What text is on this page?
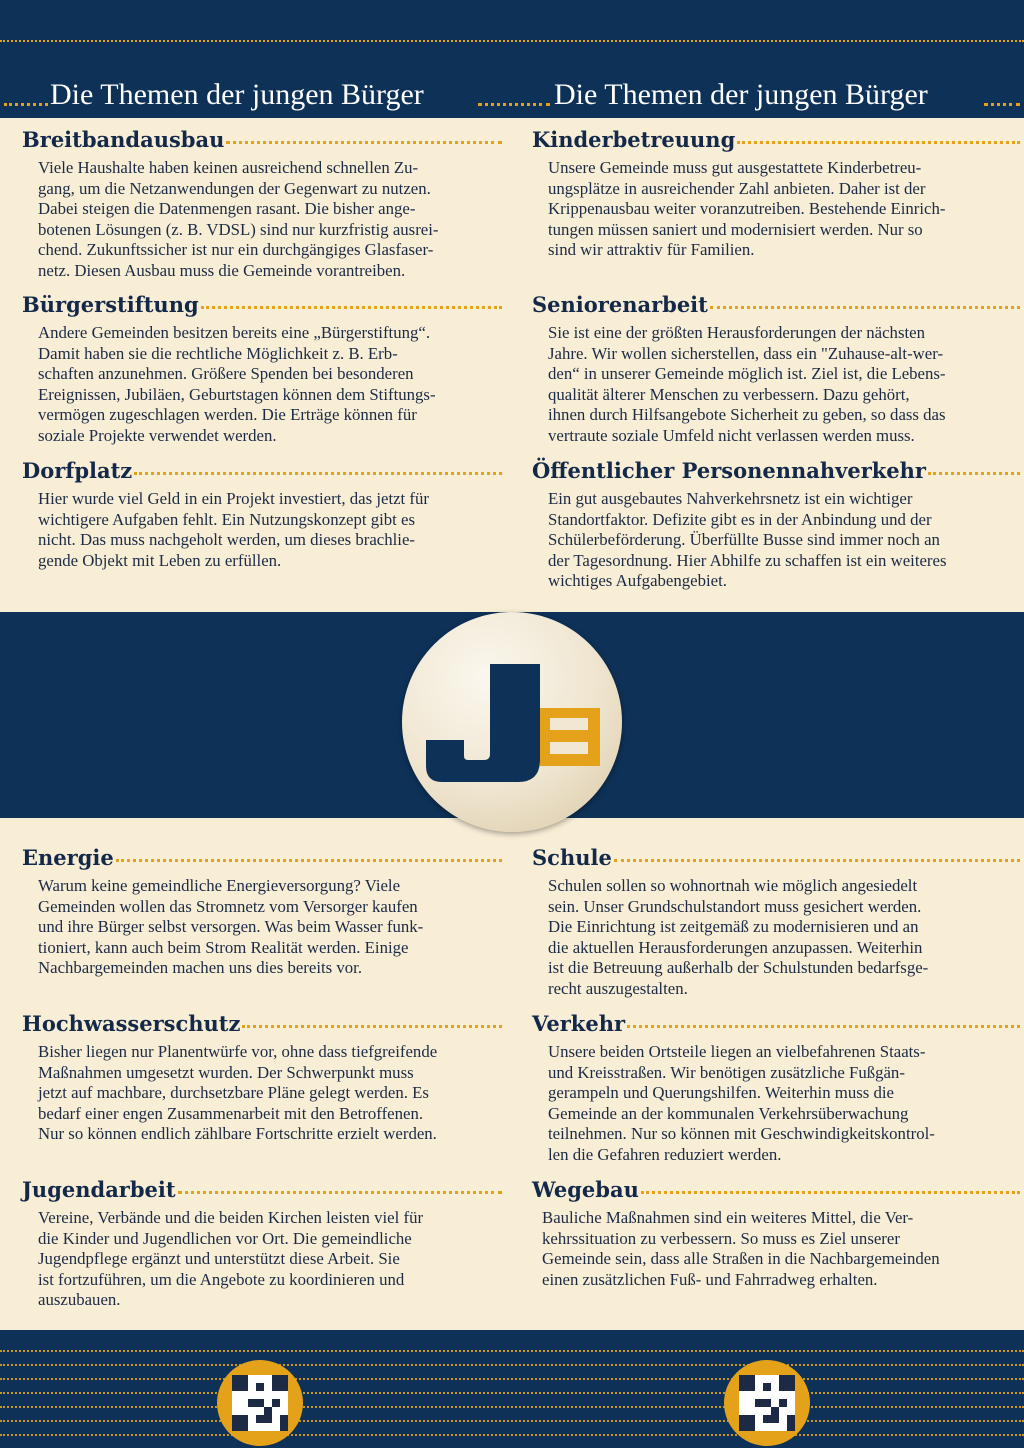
Die Themen der jungen Bürger	Die Themen der jungen Bürger
Breitbandausbau
Viele Haushalte haben keinen ausreichend schnellen Zu-
gang, um die Netzanwendungen der Gegenwart zu nutzen.
Dabei steigen die Datenmengen rasant. Die bisher ange-
botenen Lösungen (z. B. VDSL) sind nur kurzfristig ausrei-
chend. Zukunftssicher ist nur ein durchgängiges Glasfaser-
netz. Diesen Ausbau muss die Gemeinde vorantreiben.
Bürgerstiftung
Andere Gemeinden besitzen bereits eine „Bürgerstiftung“.
Damit haben sie die rechtliche Möglichkeit z. B. Erb-
schaften anzunehmen. Größere Spenden bei besonderen
Ereignissen, Jubiläen, Geburtstagen können dem Stiftungs-
vermögen zugeschlagen werden. Die Erträge können für
soziale Projekte verwendet werden.
Dorfplatz
Hier wurde viel Geld in ein Projekt investiert, das jetzt für
wichtigere Aufgaben fehlt. Ein Nutzungskonzept gibt es
nicht. Das muss nachgeholt werden, um dieses brachlie-
gende Objekt mit Leben zu erfüllen.
Kinderbetreuung
Unsere Gemeinde muss gut ausgestattete Kinderbetreu-
ungsplätze in ausreichender Zahl anbieten. Daher ist der
Krippenausbau weiter voranzutreiben. Bestehende Einrich-
tungen müssen saniert und modernisiert werden. Nur so
sind wir attraktiv für Familien.
Seniorenarbeit
Sie ist eine der größten Herausforderungen der nächsten
Jahre. Wir wollen sicherstellen, dass ein "Zuhause-alt-wer-
den“ in unserer Gemeinde möglich ist. Ziel ist, die Lebens-
qualität älterer Menschen zu verbessern. Dazu gehört,
ihnen durch Hilfsangebote Sicherheit zu geben, so dass das
vertraute soziale Umfeld nicht verlassen werden muss.
Öffentlicher Personennahverkehr
Ein gut ausgebautes Nahverkehrsnetz ist ein wichtiger
Standortfaktor. Defizite gibt es in der Anbindung und der
Schülerbeförderung. Überfüllte Busse sind immer noch an
der Tagesordnung. Hier Abhilfe zu schaffen ist ein weiteres
wichtiges Aufgabengebiet.
Energie
Warum keine gemeindliche Energieversorgung? Viele
Gemeinden wollen das Stromnetz vom Versorger kaufen
und ihre Bürger selbst versorgen. Was beim Wasser funk-
tioniert, kann auch beim Strom Realität werden. Einige
Nachbargemeinden machen uns dies bereits vor.
Hochwasserschutz
Bisher liegen nur Planentwürfe vor, ohne dass tiefgreifende
Maßnahmen umgesetzt wurden. Der Schwerpunkt muss
jetzt auf machbare, durchsetzbare Pläne gelegt werden. Es
bedarf einer engen Zusammenarbeit mit den Betroffenen.
Nur so können endlich zählbare Fortschritte erzielt werden.
Jugendarbeit
Vereine, Verbände und die beiden Kirchen leisten viel für
die Kinder und Jugendlichen vor Ort. Die gemeindliche
Jugendpflege ergänzt und unterstützt diese Arbeit. Sie
ist fortzuführen, um die Angebote zu koordinieren und
auszubauen.
Schule
Schulen sollen so wohnortnah wie möglich angesiedelt
sein. Unser Grundschulstandort muss gesichert werden.
Die Einrichtung ist zeitgemäß zu modernisieren und an
die aktuellen Herausforderungen anzupassen. Weiterhin
ist die Betreuung außerhalb der Schulstunden bedarfsge-
recht auszugestalten.
Verkehr
Unsere beiden Ortsteile liegen an vielbefahrenen Staats-
und Kreisstraßen. Wir benötigen zusätzliche Fußgän-
gerampeln und Querungshilfen. Weiterhin muss die
Gemeinde an der kommunalen Verkehrsüberwachung
teilnehmen. Nur so können mit Geschwindigkeitskontrol-
len die Gefahren reduziert werden.
Wegebau
Bauliche Maßnahmen sind ein weiteres Mittel, die Ver-
kehrssituation zu verbessern. So muss es Ziel unserer
Gemeinde sein, dass alle Straßen in die Nachbargemeinden
einen zusätzlichen Fuß- und Fahrradweg erhalten.
